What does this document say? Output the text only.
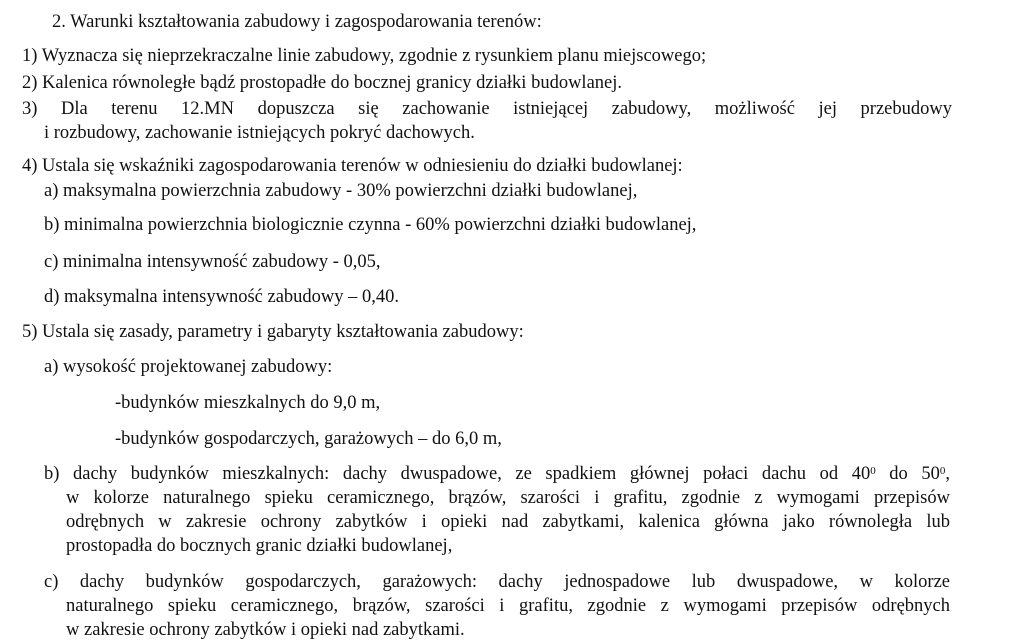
2. Warunki kształtowania zabudowy i zagospodarowania terenów:
1) Wyznacza się nieprzekraczalne linie zabudowy, zgodnie z rysunkiem planu miejscowego;
2) Kalenica równoległe bądź prostopadłe do bocznej granicy działki budowlanej.
3) Dla terenu 12.MN dopuszcza się zachowanie istniejącej zabudowy, możliwość jej przebudowy
i rozbudowy, zachowanie istniejących pokryć dachowych.
4) Ustala się wskaźniki zagospodarowania terenów w odniesieniu do działki budowlanej:
a) maksymalna powierzchnia zabudowy - 30% powierzchni działki budowlanej,
b) minimalna powierzchnia biologicznie czynna - 60% powierzchni działki budowlanej,
c) minimalna intensywność zabudowy - 0,05,
d) maksymalna intensywność zabudowy – 0,40.
5) Ustala się zasady, parametry i gabaryty kształtowania zabudowy:
a) wysokość projektowanej zabudowy:
-budynków mieszkalnych do 9,0 m,
-budynków gospodarczych, garażowych – do 6,0 m,
b) dachy budynków mieszkalnych: dachy dwuspadowe, ze spadkiem głównej połaci dachu od $40^0$ do $50^0$,
w kolorze naturalnego spieku ceramicznego, brązów, szarości i grafitu, zgodnie z wymogami przepisów
odrębnych w zakresie ochrony zabytków i opieki nad zabytkami, kalenica główna jako równoległa lub
prostopadła do bocznych granic działki budowlanej,
c) dachy budynków gospodarczych, garażowych: dachy jednospadowe lub dwuspadowe, w kolorze
naturalnego spieku ceramicznego, brązów, szarości i grafitu, zgodnie z wymogami przepisów odrębnych
w zakresie ochrony zabytków i opieki nad zabytkami.
